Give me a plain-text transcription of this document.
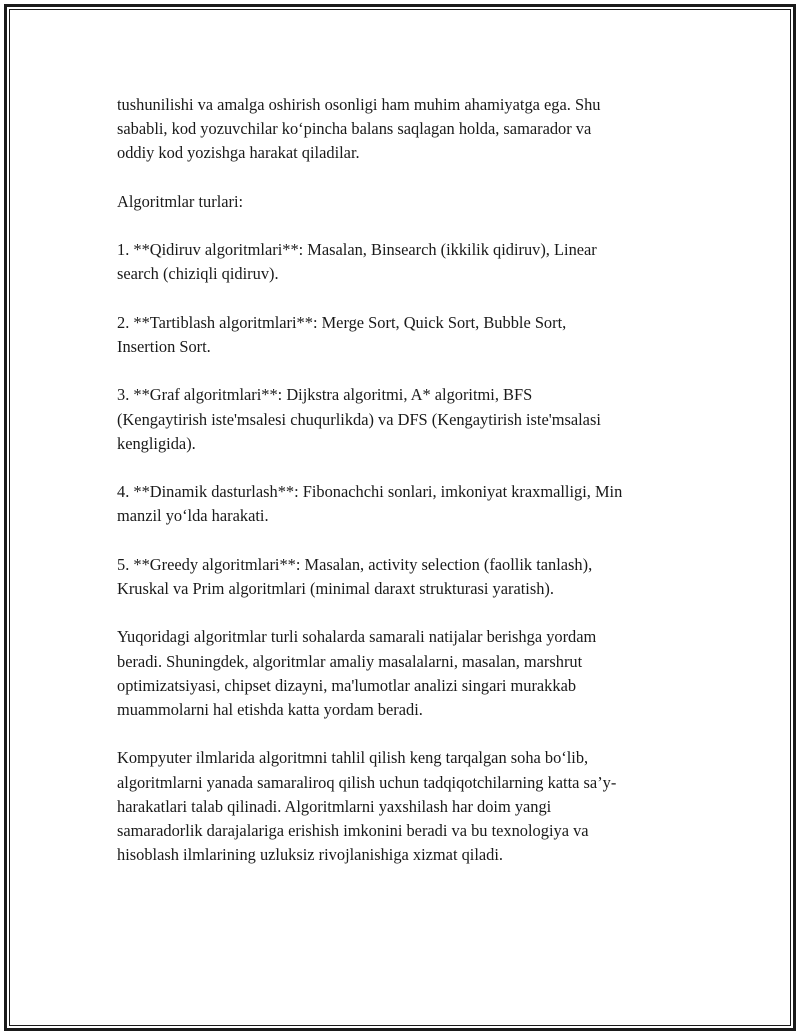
tushunilishi va amalga oshirish osonligi ham muhim ahamiyatga ega. Shu
sababli, kod yozuvchilar ko‘pincha balans saqlagan holda, samarador va
oddiy kod yozishga harakat qiladilar.

Algoritmlar turlari:

1. **Qidiruv algoritmlari**: Masalan, Binsearch (ikkilik qidiruv), Linear
search (chiziqli qidiruv).

2. **Tartiblash algoritmlari**: Merge Sort, Quick Sort, Bubble Sort,
Insertion Sort.

3. **Graf algoritmlari**: Dijkstra algoritmi, A* algoritmi, BFS
(Kengaytirish iste'msalesi chuqurlikda) va DFS (Kengaytirish iste'msalasi
kengligida).

4. **Dinamik dasturlash**: Fibonachchi sonlari, imkoniyat kraxmalligi, Min
manzil yo‘lda harakati.

5. **Greedy algoritmlari**: Masalan, activity selection (faollik tanlash),
Kruskal va Prim algoritmlari (minimal daraxt strukturasi yaratish).

Yuqoridagi algoritmlar turli sohalarda samarali natijalar berishga yordam
beradi. Shuningdek, algoritmlar amaliy masalalarni, masalan, marshrut
optimizatsiyasi, chipset dizayni, ma'lumotlar analizi singari murakkab
muammolarni hal etishda katta yordam beradi.

Kompyuter ilmlarida algoritmni tahlil qilish keng tarqalgan soha bo‘lib,
algoritmlarni yanada samaraliroq qilish uchun tadqiqotchilarning katta sa’y-
harakatlari talab qilinadi. Algoritmlarni yaxshilash har doim yangi
samaradorlik darajalariga erishish imkonini beradi va bu texnologiya va
hisoblash ilmlarining uzluksiz rivojlanishiga xizmat qiladi.
